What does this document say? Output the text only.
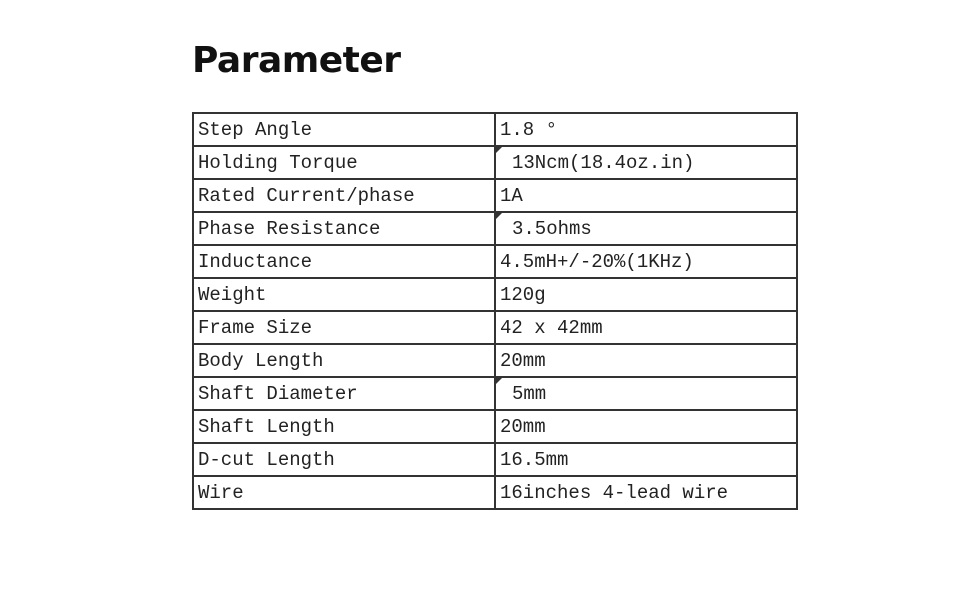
Parameter
Step Angle	1.8 °
Holding Torque	13Ncm(18.4oz.in)
Rated Current/phase	1A
Phase Resistance	3.5ohms
Inductance	4.5mH+/-20%(1KHz)
Weight	120g
Frame Size	42 x 42mm
Body Length	20mm
Shaft Diameter	5mm
Shaft Length	20mm
D-cut Length	16.5mm
Wire	16inches 4-lead wire
